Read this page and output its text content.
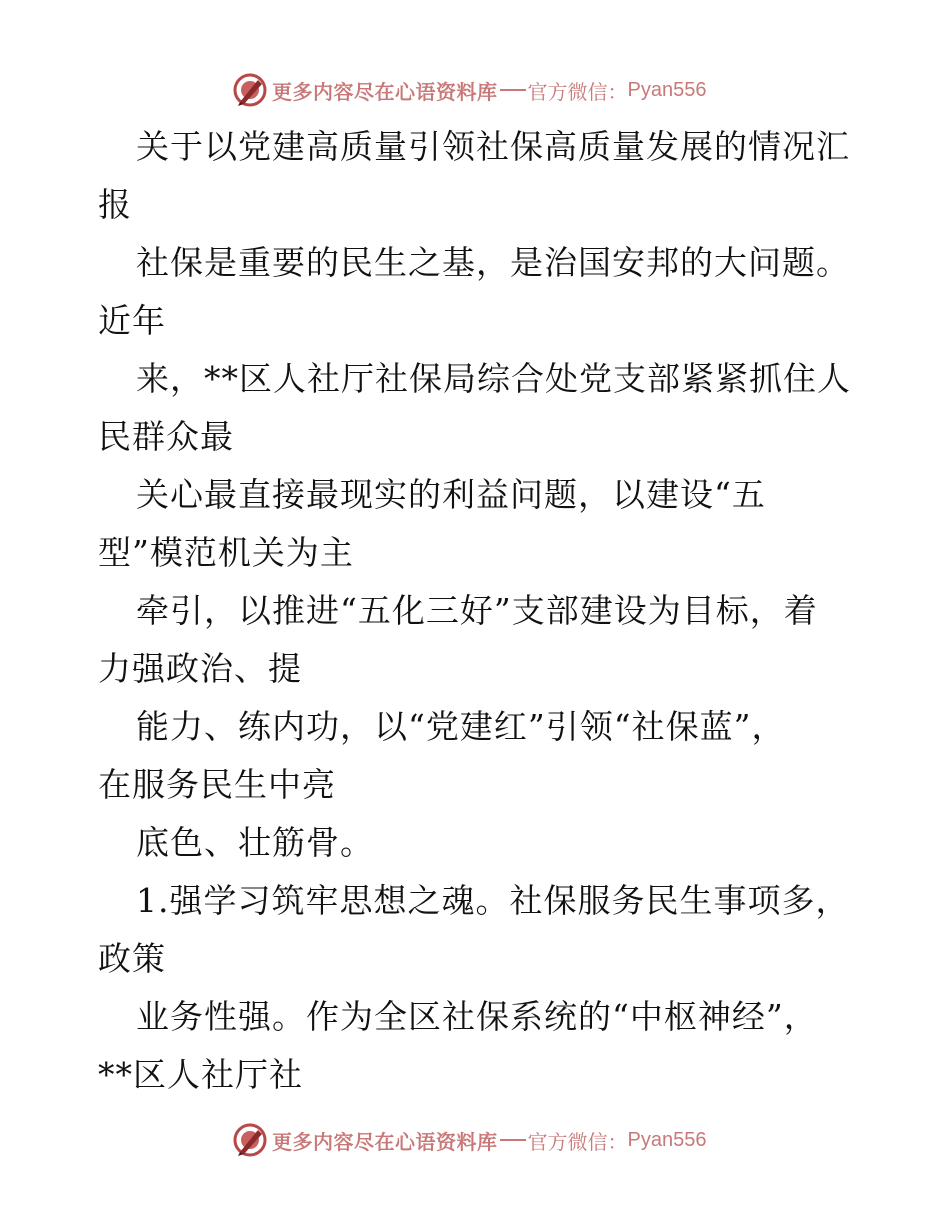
更多内容尽在心语资料库 官方微信： Pyan556
关于以党建高质量引领社保高质量发展的情况汇
报
社保是重要的民生之基，是治国安邦的大问题。
近年
来，**区人社厅社保局综合处党支部紧紧抓住人
民群众最
关心最直接最现实的利益问题，以建设“五
型”模范机关为主
牵引，以推进“五化三好”支部建设为目标，着
力强政治、提
能力、练内功，以“党建红”引领“社保蓝”，
在服务民生中亮
底色、壮筋骨。
1.强学习筑牢思想之魂。社保服务民生事项多，
政策
业务性强。作为全区社保系统的“中枢神经”，
**区人社厅社
更多内容尽在心语资料库 官方微信： Pyan556
